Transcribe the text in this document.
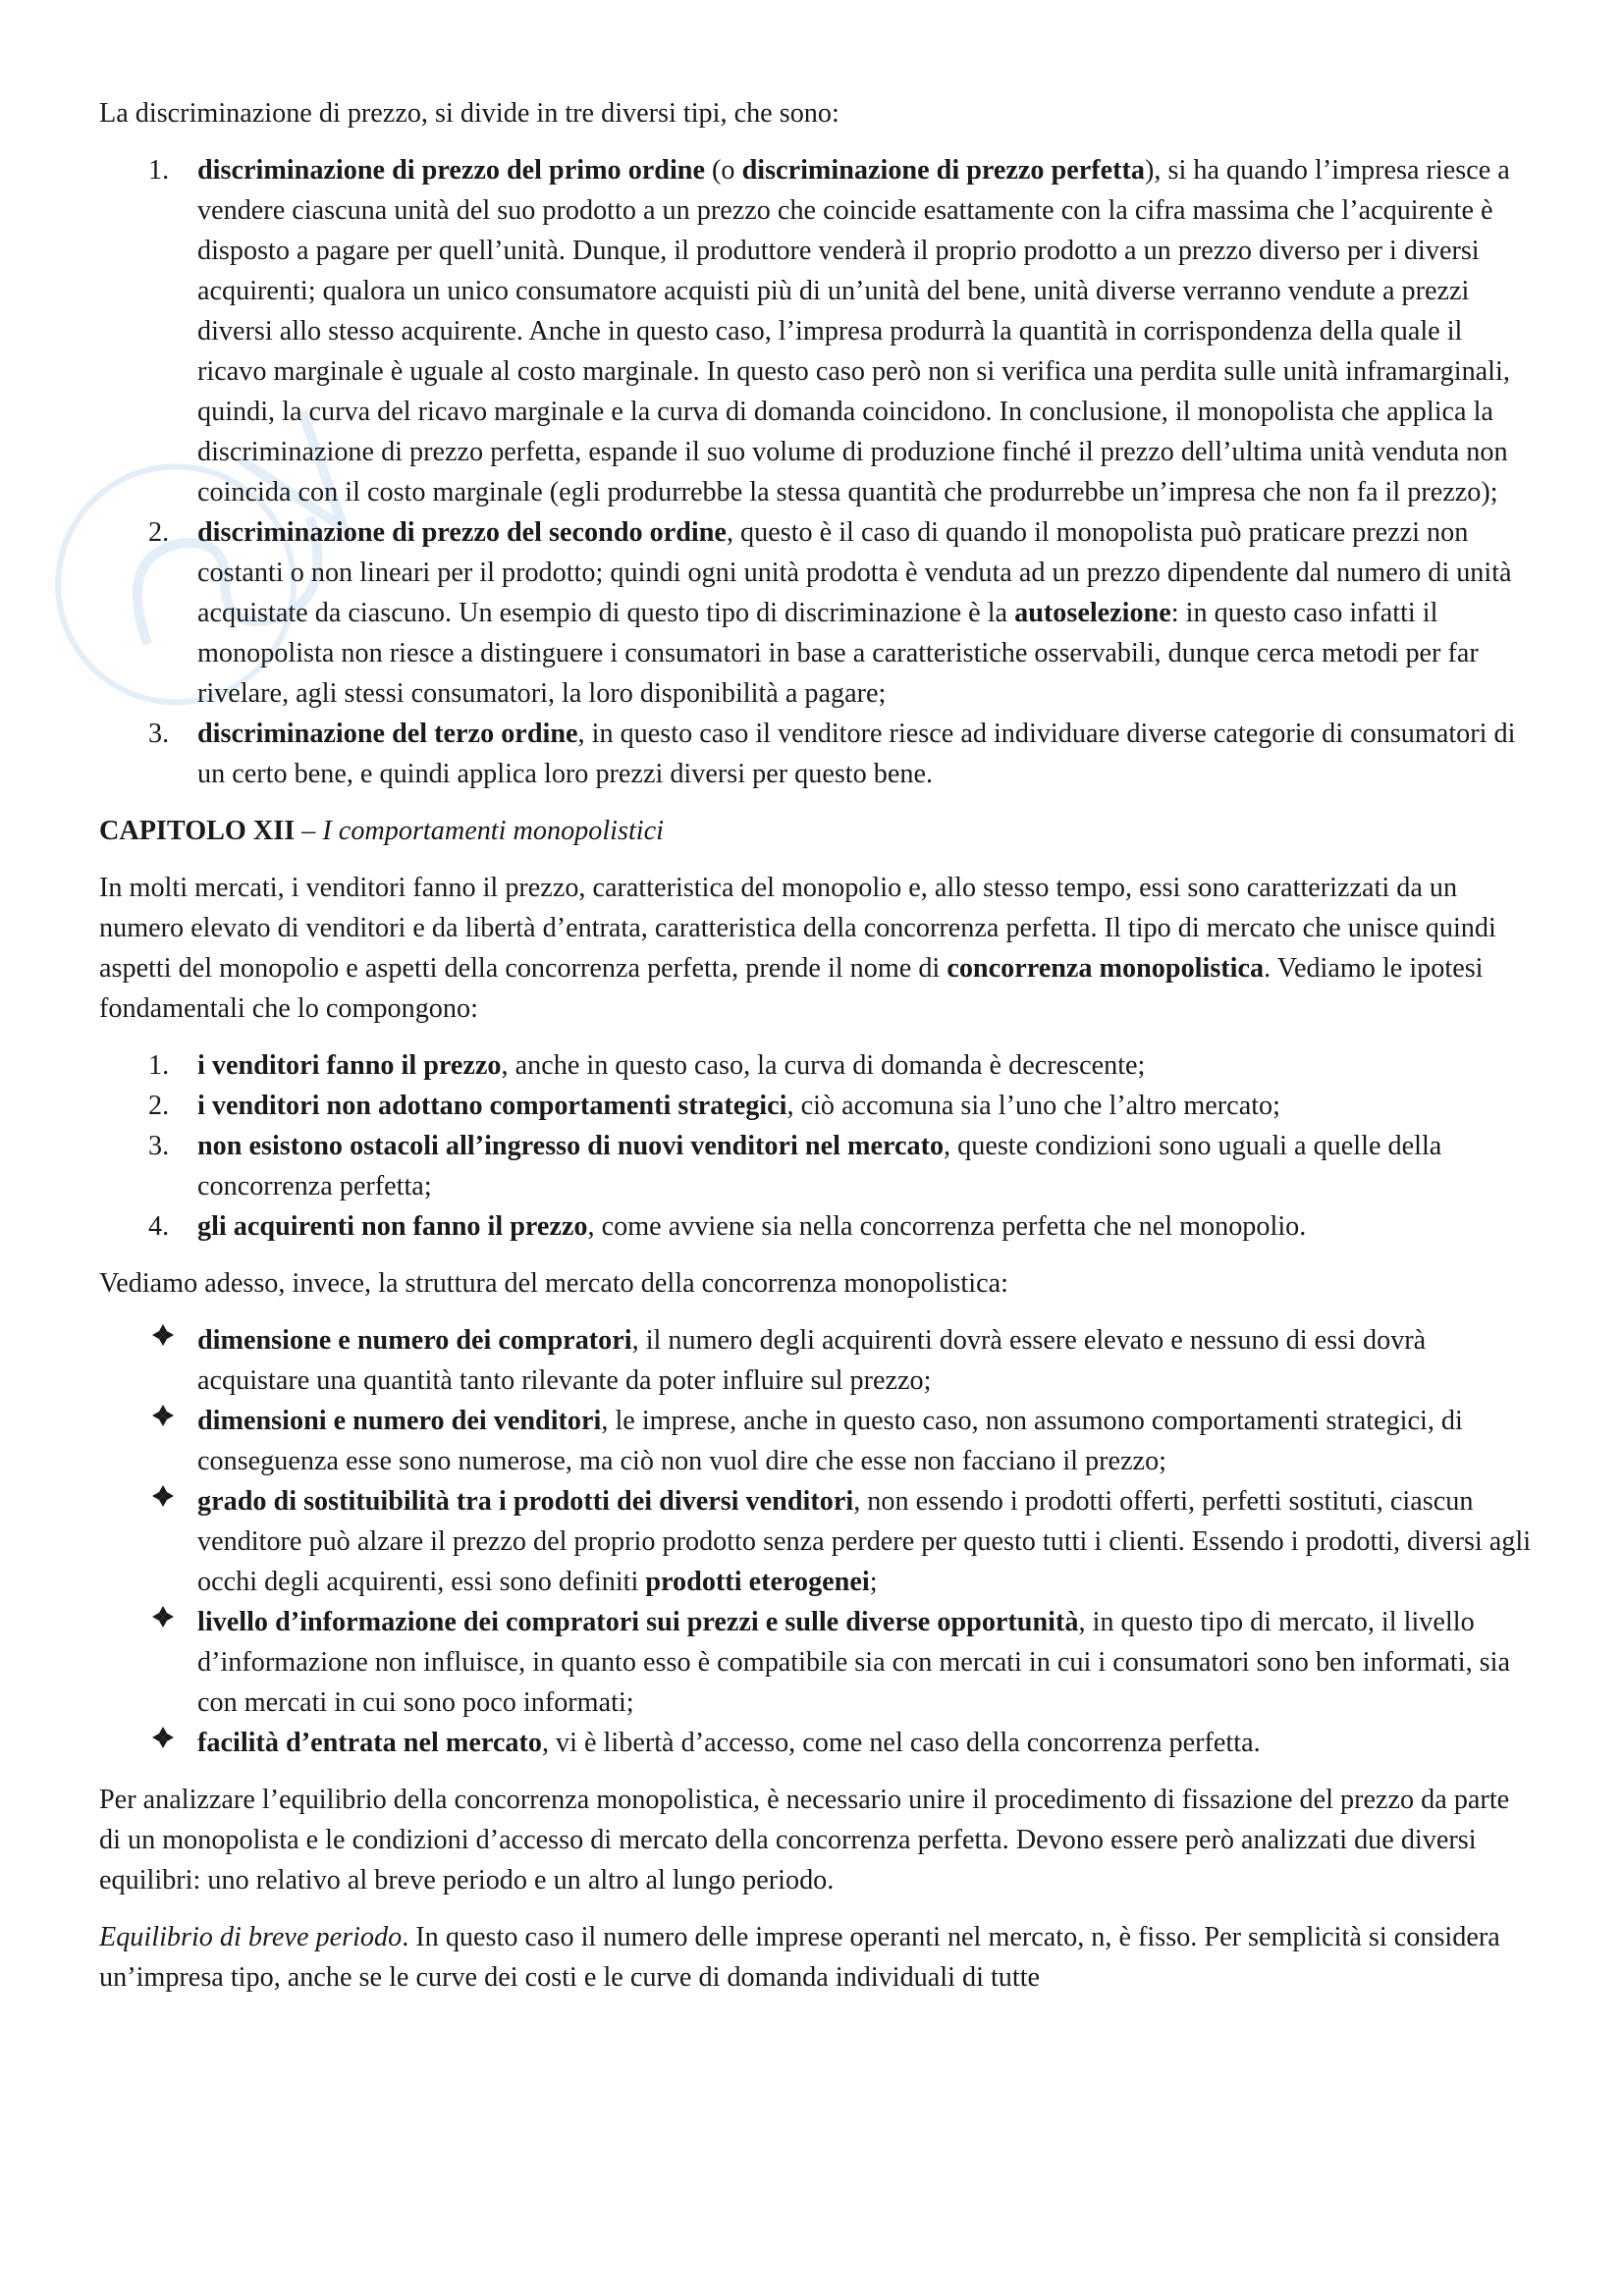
La discriminazione di prezzo, si divide in tre diversi tipi, che sono:

1.	discriminazione di prezzo del primo ordine (o discriminazione di prezzo perfetta), si ha quando l’impresa riesce a vendere ciascuna unità del suo prodotto a un prezzo che coincide esattamente con la cifra massima che l’acquirente è disposto a pagare per quell’unità. Dunque, il produttore venderà il proprio prodotto a un prezzo diverso per i diversi acquirenti; qualora un unico consumatore acquisti più di un’unità del bene, unità diverse verranno vendute a prezzi diversi allo stesso acquirente. Anche in questo caso, l’impresa produrrà la quantità in corrispondenza della quale il ricavo marginale è uguale al costo marginale. In questo caso però non si verifica una perdita sulle unità inframarginali, quindi, la curva del ricavo marginale e la curva di domanda coincidono. In conclusione, il monopolista che applica la discriminazione di prezzo perfetta, espande il suo volume di produzione finché il prezzo dell’ultima unità venduta non coincida con il costo marginale (egli produrrebbe la stessa quantità che produrrebbe un’impresa che non fa il prezzo);
2.	discriminazione di prezzo del secondo ordine, questo è il caso di quando il monopolista può praticare prezzi non costanti o non lineari per il prodotto; quindi ogni unità prodotta è venduta ad un prezzo dipendente dal numero di unità acquistate da ciascuno. Un esempio di questo tipo di discriminazione è la autoselezione: in questo caso infatti il monopolista non riesce a distinguere i consumatori in base a caratteristiche osservabili, dunque cerca metodi per far rivelare, agli stessi consumatori, la loro disponibilità a pagare;
3.	discriminazione del terzo ordine, in questo caso il venditore riesce ad individuare diverse categorie di consumatori di un certo bene, e quindi applica loro prezzi diversi per questo bene.

CAPITOLO XII – I comportamenti monopolistici

In molti mercati, i venditori fanno il prezzo, caratteristica del monopolio e, allo stesso tempo, essi sono caratterizzati da un numero elevato di venditori e da libertà d’entrata, caratteristica della concorrenza perfetta. Il tipo di mercato che unisce quindi aspetti del monopolio e aspetti della concorrenza perfetta, prende il nome di concorrenza monopolistica. Vediamo le ipotesi fondamentali che lo compongono:

1.	i venditori fanno il prezzo, anche in questo caso, la curva di domanda è decrescente;
2.	i venditori non adottano comportamenti strategici, ciò accomuna sia l’uno che l’altro mercato;
3.	non esistono ostacoli all’ingresso di nuovi venditori nel mercato, queste condizioni sono uguali a quelle della concorrenza perfetta;
4.	gli acquirenti non fanno il prezzo, come avviene sia nella concorrenza perfetta che nel monopolio.

Vediamo adesso, invece, la struttura del mercato della concorrenza monopolistica:

dimensione e numero dei compratori, il numero degli acquirenti dovrà essere elevato e nessuno di essi dovrà acquistare una quantità tanto rilevante da poter influire sul prezzo;
dimensioni e numero dei venditori, le imprese, anche in questo caso, non assumono comportamenti strategici, di conseguenza esse sono numerose, ma ciò non vuol dire che esse non facciano il prezzo;
grado di sostituibilità tra i prodotti dei diversi venditori, non essendo i prodotti offerti, perfetti sostituti, ciascun venditore può alzare il prezzo del proprio prodotto senza perdere per questo tutti i clienti. Essendo i prodotti, diversi agli occhi degli acquirenti, essi sono definiti prodotti eterogenei;
livello d’informazione dei compratori sui prezzi e sulle diverse opportunità, in questo tipo di mercato, il livello d’informazione non influisce, in quanto esso è compatibile sia con mercati in cui i consumatori sono ben informati, sia con mercati in cui sono poco informati;
facilità d’entrata nel mercato, vi è libertà d’accesso, come nel caso della concorrenza perfetta.

Per analizzare l’equilibrio della concorrenza monopolistica, è necessario unire il procedimento di fissazione del prezzo da parte di un monopolista e le condizioni d’accesso di mercato della concorrenza perfetta. Devono essere però analizzati due diversi equilibri: uno relativo al breve periodo e un altro al lungo periodo.

Equilibrio di breve periodo. In questo caso il numero delle imprese operanti nel mercato, n, è fisso. Per semplicità si considera un’impresa tipo, anche se le curve dei costi e le curve di domanda individuali di tutte
